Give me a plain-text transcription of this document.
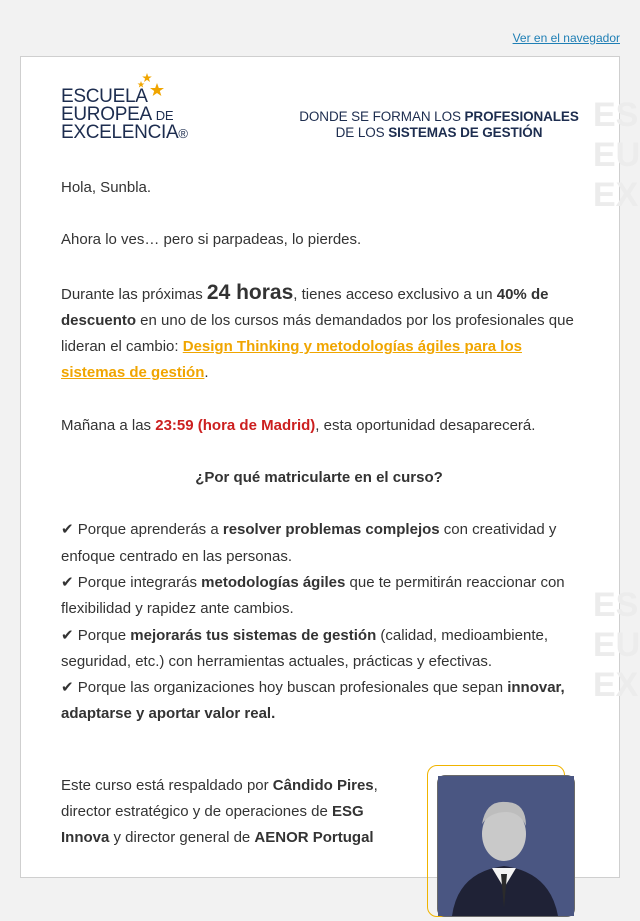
Ver en el navegador
ES
EU
EX
ES
EU
EX
ESCUELA
EUROPEA DE
EXCELENCIA®
DONDE SE FORMAN LOS PROFESIONALES
DE LOS SISTEMAS DE GESTIÓN

Hola, Sunbla.

Ahora lo ves… pero si parpadeas, lo pierdes.

Durante las próximas 24 horas, tienes acceso exclusivo a un 40% de descuento en uno de los cursos más demandados por los profesionales que lideran el cambio: Design Thinking y metodologías ágiles para los sistemas de gestión.

Mañana a las 23:59 (hora de Madrid), esta oportunidad desaparecerá.

¿Por qué matricularte en el curso?

✔ Porque aprenderás a resolver problemas complejos con creatividad y enfoque centrado en las personas.

✔ Porque integrarás metodologías ágiles que te permitirán reaccionar con flexibilidad y rapidez ante cambios.

✔ Porque mejorarás tus sistemas de gestión (calidad, medioambiente, seguridad, etc.) con herramientas actuales, prácticas y efectivas.

✔ Porque las organizaciones hoy buscan profesionales que sepan innovar, adaptarse y aportar valor real.

Este curso está respaldado por Cândido Pires, director estratégico y de operaciones de ESG Innova y director general de AENOR Portugal
